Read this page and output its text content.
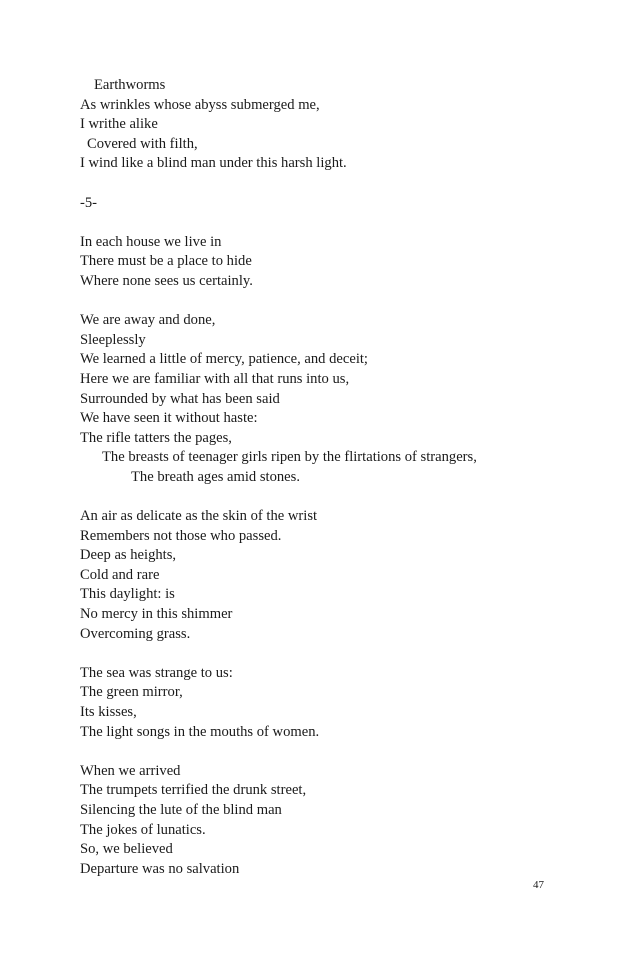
Earthworms
As wrinkles whose abyss submerged me,
I writhe alike
Covered with filth,
I wind like a blind man under this harsh light.
-5-
In each house we live in
There must be a place to hide
Where none sees us certainly.
We are away and done,
Sleeplessly
We learned a little of mercy, patience, and deceit;
Here we are familiar with all that runs into us,
Surrounded by what has been said
We have seen it without haste:
The rifle tatters the pages,
The breasts of teenager girls ripen by the flirtations of strangers,
The breath ages amid stones.
An air as delicate as the skin of the wrist
Remembers not those who passed.
Deep as heights,
Cold and rare
This daylight: is
No mercy in this shimmer
Overcoming grass.
The sea was strange to us:
The green mirror,
Its kisses,
The light songs in the mouths of women.
When we arrived
The trumpets terrified the drunk street,
Silencing the lute of the blind man
The jokes of lunatics.
So, we believed
Departure was no salvation
47
